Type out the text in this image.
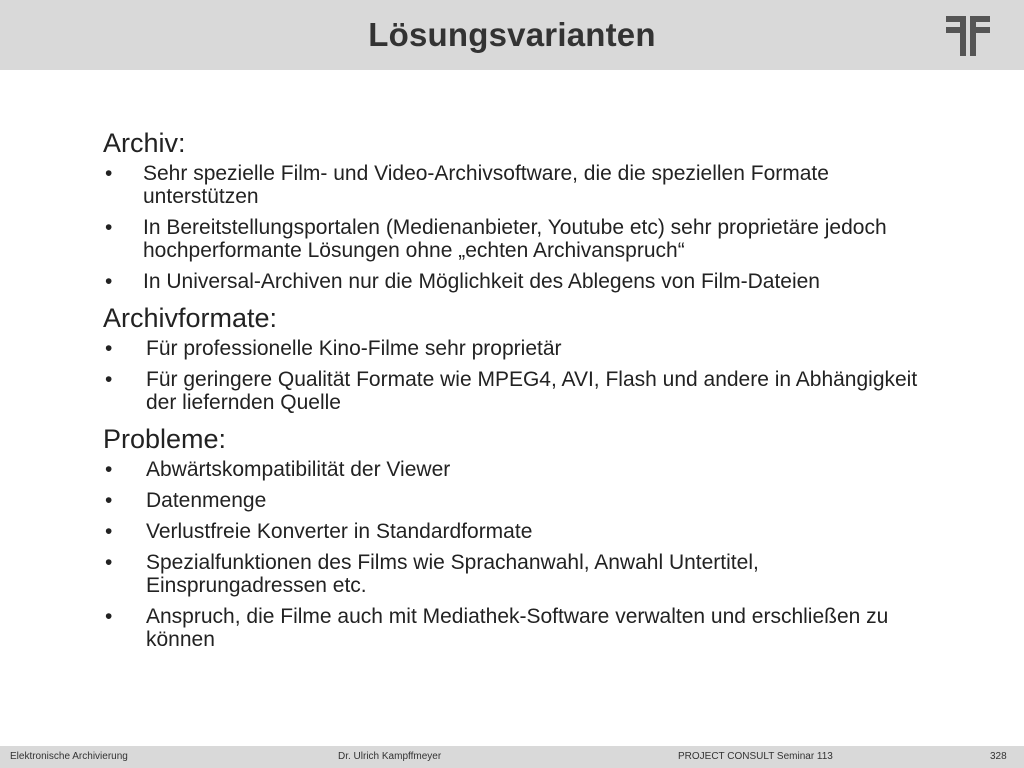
Lösungsvarianten
Archiv:
• Sehr spezielle Film- und Video-Archivsoftware, die die speziellen Formate unterstützen
• In Bereitstellungsportalen (Medienanbieter, Youtube etc) sehr proprietäre jedoch hochperformante Lösungen ohne „echten Archivanspruch“
• In Universal-Archiven nur die Möglichkeit des Ablegens von Film-Dateien
Archivformate:
• Für professionelle Kino-Filme sehr proprietär
• Für geringere Qualität Formate wie MPEG4, AVI, Flash und andere in Abhängigkeit der liefernden Quelle
Probleme:
• Abwärtskompatibilität der Viewer
• Datenmenge
• Verlustfreie Konverter in Standardformate
• Spezialfunktionen des Films wie Sprachanwahl, Anwahl Untertitel, Einsprungadressen etc.
• Anspruch, die Filme auch mit Mediathek-Software verwalten und erschließen zu können
Elektronische Archivierung	Dr. Ulrich Kampffmeyer	PROJECT CONSULT Seminar 113	328
